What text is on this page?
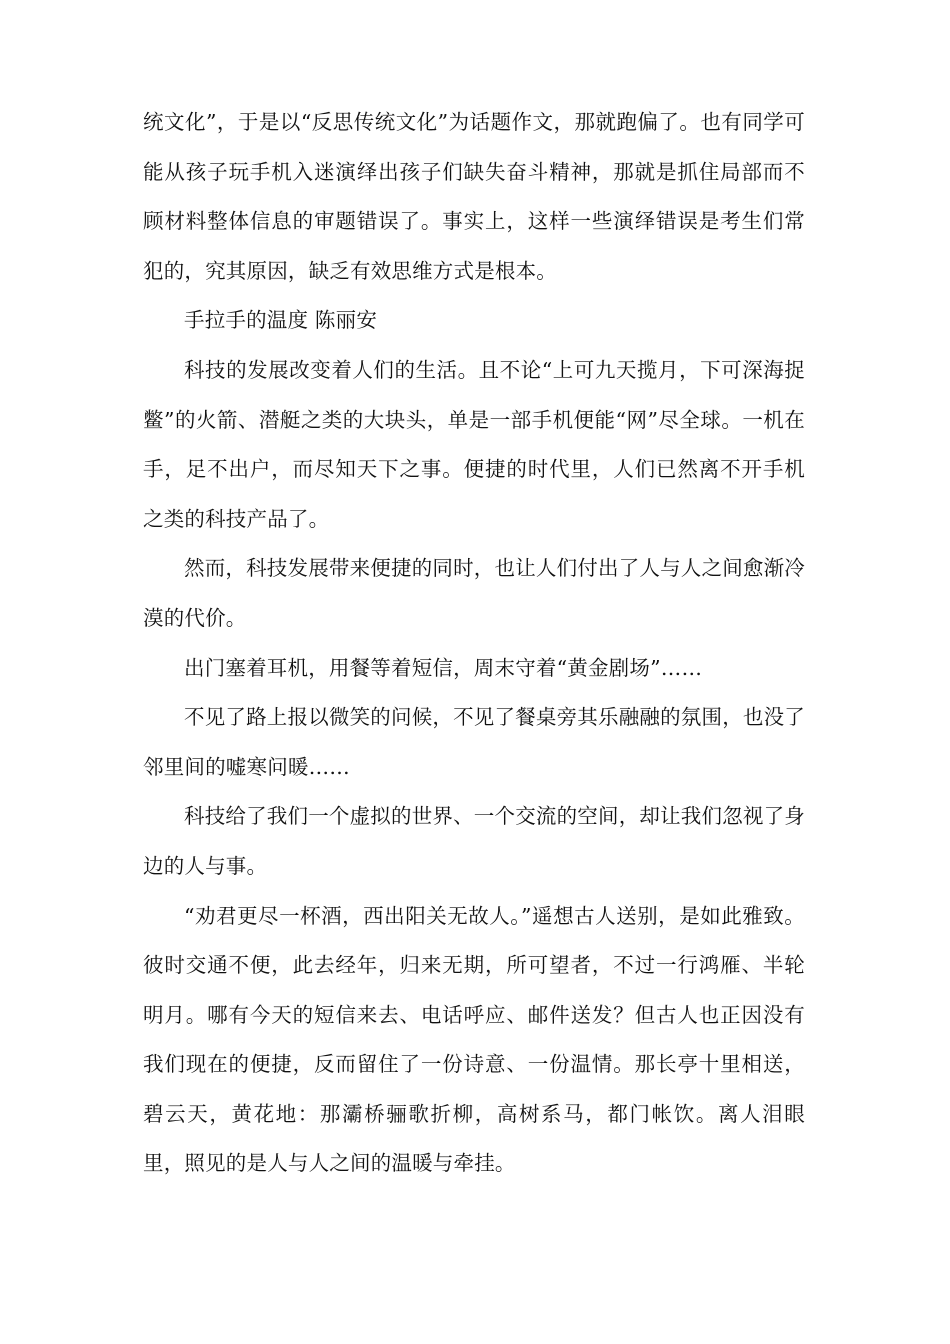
统文化”，于是以“反思传统文化”为话题作文，那就跑偏了。也有同学可能从孩子玩手机入迷演绎出孩子们缺失奋斗精神，那就是抓住局部而不顾材料整体信息的审题错误了。事实上，这样一些演绎错误是考生们常犯的，究其原因，缺乏有效思维方式是根本。

手拉手的温度 陈丽安

科技的发展改变着人们的生活。且不论“上可九天揽月，下可深海捉鳖”的火箭、潜艇之类的大块头，单是一部手机便能“网”尽全球。一机在手，足不出户，而尽知天下之事。便捷的时代里，人们已然离不开手机之类的科技产品了。

然而，科技发展带来便捷的同时，也让人们付出了人与人之间愈渐冷漠的代价。

出门塞着耳机，用餐等着短信，周末守着“黄金剧场”……

不见了路上报以微笑的问候，不见了餐桌旁其乐融融的氛围，也没了邻里间的嘘寒问暖……

科技给了我们一个虚拟的世界、一个交流的空间，却让我们忽视了身边的人与事。

“劝君更尽一杯酒，西出阳关无故人。”遥想古人送别，是如此雅致。彼时交通不便，此去经年，归来无期，所可望者，不过一行鸿雁、半轮明月。哪有今天的短信来去、电话呼应、邮件送发？但古人也正因没有我们现在的便捷，反而留住了一份诗意、一份温情。那长亭十里相送，碧云天，黄花地：那灞桥骊歌折柳，高树系马，都门帐饮。离人泪眼里，照见的是人与人之间的温暖与牵挂。
